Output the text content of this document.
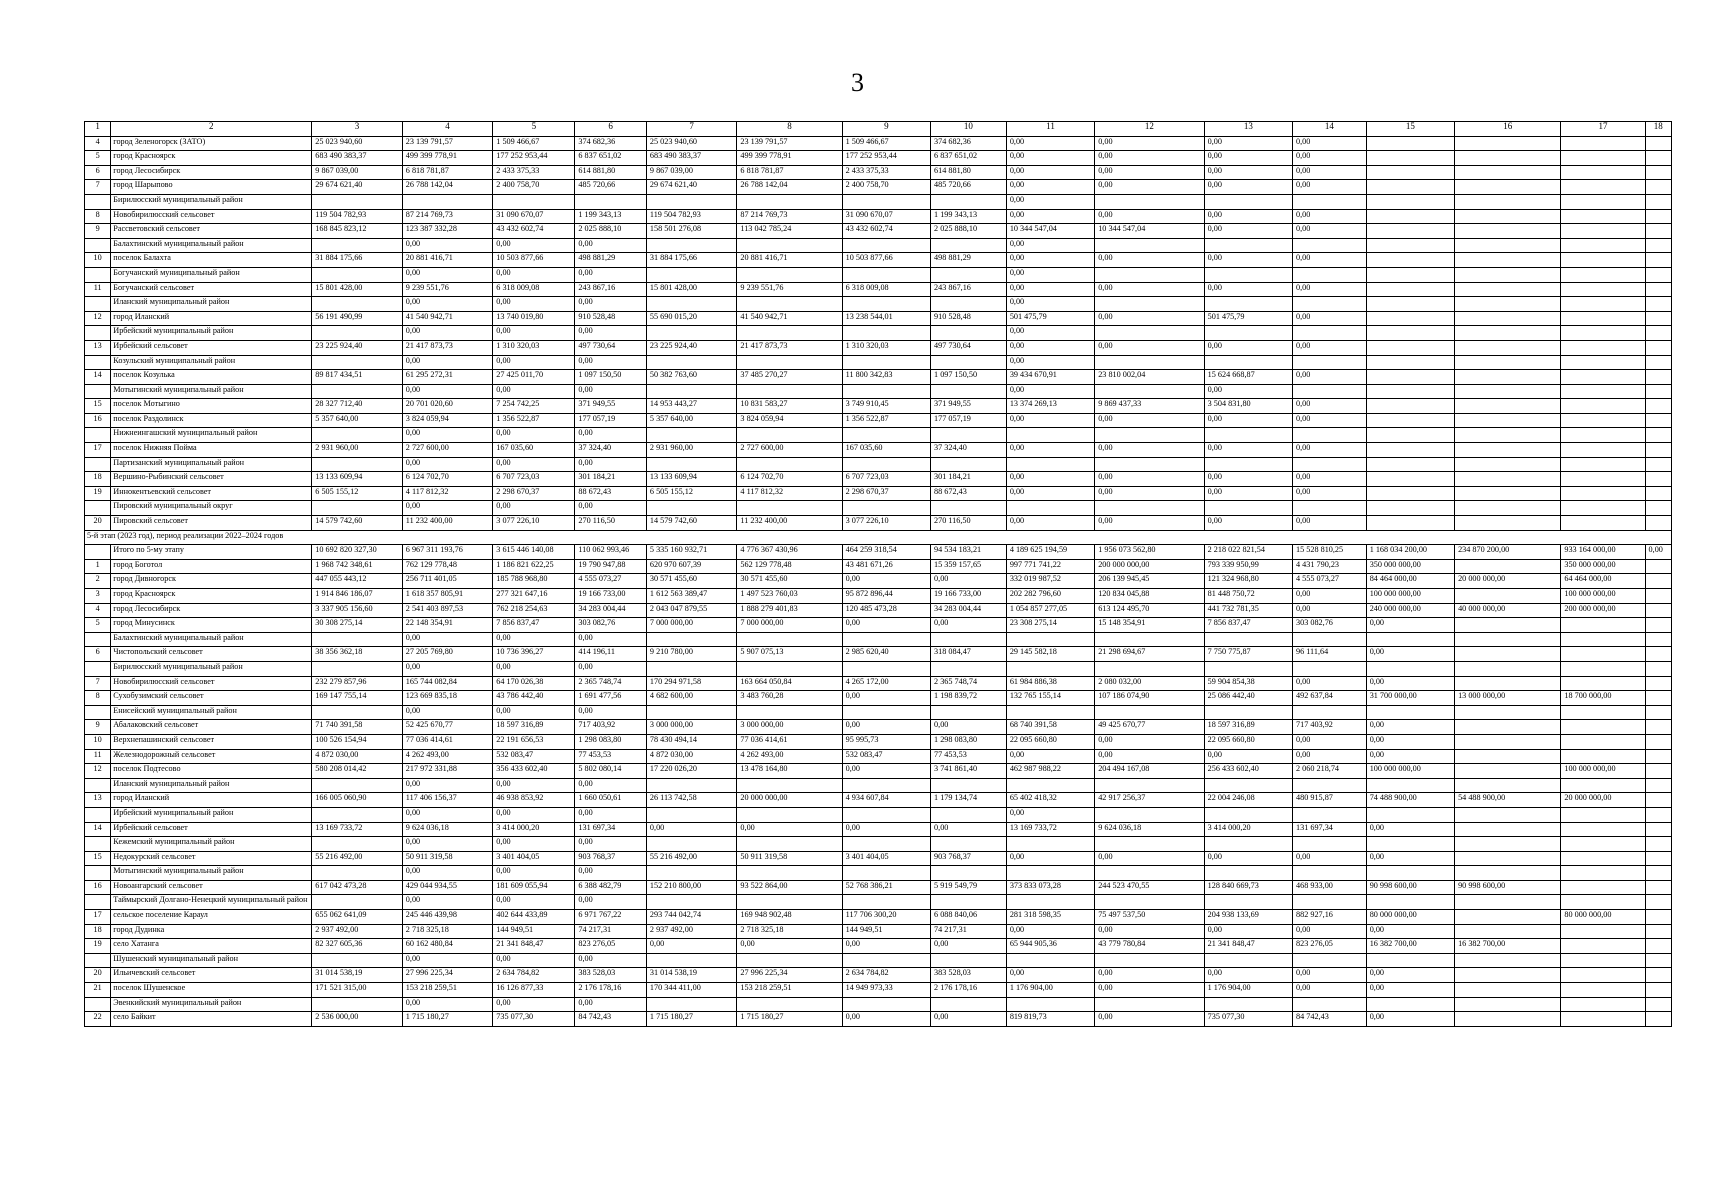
3
1	2	3	4	5	6	7	8	9	10	11	12	13	14	15	16	17	18
4	город Зеленогорск (ЗАТО)	25 023 940,60	23 139 791,57	1 509 466,67	374 682,36	25 023 940,60	23 139 791,57	1 509 466,67	374 682,36	0,00	0,00	0,00	0,00				
5	город Красноярск	683 490 383,37	499 399 778,91	177 252 953,44	6 837 651,02	683 490 383,37	499 399 778,91	177 252 953,44	6 837 651,02	0,00	0,00	0,00	0,00				
6	город Лесосибирск	9 867 039,00	6 818 781,87	2 433 375,33	614 881,80	9 867 039,00	6 818 781,87	2 433 375,33	614 881,80	0,00	0,00	0,00	0,00				
7	город Шарыпово	29 674 621,40	26 788 142,04	2 400 758,70	485 720,66	29 674 621,40	26 788 142,04	2 400 758,70	485 720,66	0,00	0,00	0,00	0,00				
	Бирилюсский муниципальный район									0,00							
8	Новобирилюсский сельсовет	119 504 782,93	87 214 769,73	31 090 670,07	1 199 343,13	119 504 782,93	87 214 769,73	31 090 670,07	1 199 343,13	0,00	0,00	0,00	0,00				
9	Рассветовский сельсовет	168 845 823,12	123 387 332,28	43 432 602,74	2 025 888,10	158 501 276,08	113 042 785,24	43 432 602,74	2 025 888,10	10 344 547,04	10 344 547,04	0,00	0,00				
	Балахтинский муниципальный район		0,00	0,00	0,00					0,00							
10	поселок Балахта	31 884 175,66	20 881 416,71	10 503 877,66	498 881,29	31 884 175,66	20 881 416,71	10 503 877,66	498 881,29	0,00	0,00	0,00	0,00				
	Богучанский муниципальный район		0,00	0,00	0,00					0,00							
11	Богучанский сельсовет	15 801 428,00	9 239 551,76	6 318 009,08	243 867,16	15 801 428,00	9 239 551,76	6 318 009,08	243 867,16	0,00	0,00	0,00	0,00				
	Иланский муниципальный район		0,00	0,00	0,00					0,00							
12	город Иланский	56 191 490,99	41 540 942,71	13 740 019,80	910 528,48	55 690 015,20	41 540 942,71	13 238 544,01	910 528,48	501 475,79	0,00	501 475,79	0,00				
	Ирбейский муниципальный район		0,00	0,00	0,00					0,00							
13	Ирбейский сельсовет	23 225 924,40	21 417 873,73	1 310 320,03	497 730,64	23 225 924,40	21 417 873,73	1 310 320,03	497 730,64	0,00	0,00	0,00	0,00				
	Козульский муниципальный район		0,00	0,00	0,00					0,00							
14	поселок Козулька	89 817 434,51	61 295 272,31	27 425 011,70	1 097 150,50	50 382 763,60	37 485 270,27	11 800 342,83	1 097 150,50	39 434 670,91	23 810 002,04	15 624 668,87	0,00				
	Мотыгинский муниципальный район		0,00	0,00	0,00					0,00		0,00					
15	поселок Мотыгино	28 327 712,40	20 701 020,60	7 254 742,25	371 949,55	14 953 443,27	10 831 583,27	3 749 910,45	371 949,55	13 374 269,13	9 869 437,33	3 504 831,80	0,00				
16	поселок Раздолинск	5 357 640,00	3 824 059,94	1 356 522,87	177 057,19	5 357 640,00	3 824 059,94	1 356 522,87	177 057,19	0,00	0,00	0,00	0,00				
	Нижнеингашский муниципальный район		0,00	0,00	0,00												
17	поселок Нижняя Пойма	2 931 960,00	2 727 600,00	167 035,60	37 324,40	2 931 960,00	2 727 600,00	167 035,60	37 324,40	0,00	0,00	0,00	0,00				
	Партизанский муниципальный район		0,00	0,00	0,00												
18	Вершино-Рыбинский сельсовет	13 133 609,94	6 124 702,70	6 707 723,03	301 184,21	13 133 609,94	6 124 702,70	6 707 723,03	301 184,21	0,00	0,00	0,00	0,00				
19	Иннокентьевский сельсовет	6 505 155,12	4 117 812,32	2 298 670,37	88 672,43	6 505 155,12	4 117 812,32	2 298 670,37	88 672,43	0,00	0,00	0,00	0,00				
	Пировский муниципальный округ		0,00	0,00	0,00												
20	Пировский сельсовет	14 579 742,60	11 232 400,00	3 077 226,10	270 116,50	14 579 742,60	11 232 400,00	3 077 226,10	270 116,50	0,00	0,00	0,00	0,00				
5-й этап (2023 год), период реализации 2022–2024 годов																	
	Итого по 5-му этапу	10 692 820 327,30	6 967 311 193,76	3 615 446 140,08	110 062 993,46	5 335 160 932,71	4 776 367 430,96	464 259 318,54	94 534 183,21	4 189 625 194,59	1 956 073 562,80	2 218 022 821,54	15 528 810,25	1 168 034 200,00	234 870 200,00	933 164 000,00	0,00
1	город Боготол	1 968 742 348,61	762 129 778,48	1 186 821 622,25	19 790 947,88	620 970 607,39	562 129 778,48	43 481 671,26	15 359 157,65	997 771 741,22	200 000 000,00	793 339 950,99	4 431 790,23	350 000 000,00		350 000 000,00	
2	город Дивногорск	447 055 443,12	256 711 401,05	185 788 968,80	4 555 073,27	30 571 455,60	30 571 455,60	0,00	0,00	332 019 987,52	206 139 945,45	121 324 968,80	4 555 073,27	84 464 000,00	20 000 000,00	64 464 000,00	
3	город Красноярск	1 914 846 186,07	1 618 357 805,91	277 321 647,16	19 166 733,00	1 612 563 389,47	1 497 523 760,03	95 872 896,44	19 166 733,00	202 282 796,60	120 834 045,88	81 448 750,72	0,00	100 000 000,00		100 000 000,00	
4	город Лесосибирск	3 337 905 156,60	2 541 403 897,53	762 218 254,63	34 283 004,44	2 043 047 879,55	1 888 279 401,83	120 485 473,28	34 283 004,44	1 054 857 277,05	613 124 495,70	441 732 781,35	0,00	240 000 000,00	40 000 000,00	200 000 000,00	
5	город Минусинск	30 308 275,14	22 148 354,91	7 856 837,47	303 082,76	7 000 000,00	7 000 000,00	0,00	0,00	23 308 275,14	15 148 354,91	7 856 837,47	303 082,76	0,00			
	Балахтинский муниципальный район		0,00	0,00	0,00												
6	Чистопольский сельсовет	38 356 362,18	27 205 769,80	10 736 396,27	414 196,11	9 210 780,00	5 907 075,13	2 985 620,40	318 084,47	29 145 582,18	21 298 694,67	7 750 775,87	96 111,64	0,00			
	Бирилюсский муниципальный район		0,00	0,00	0,00												
7	Новобирилюсский сельсовет	232 279 857,96	165 744 082,84	64 170 026,38	2 365 748,74	170 294 971,58	163 664 050,84	4 265 172,00	2 365 748,74	61 984 886,38	2 080 032,00	59 904 854,38	0,00	0,00			
8	Сухобузимский сельсовет	169 147 755,14	123 669 835,18	43 786 442,40	1 691 477,56	4 682 600,00	3 483 760,28	0,00	1 198 839,72	132 765 155,14	107 186 074,90	25 086 442,40	492 637,84	31 700 000,00	13 000 000,00	18 700 000,00	
	Енисейский муниципальный район		0,00	0,00	0,00												
9	Абалаковский сельсовет	71 740 391,58	52 425 670,77	18 597 316,89	717 403,92	3 000 000,00	3 000 000,00	0,00	0,00	68 740 391,58	49 425 670,77	18 597 316,89	717 403,92	0,00			
10	Верхнепашинский сельсовет	100 526 154,94	77 036 414,61	22 191 656,53	1 298 083,80	78 430 494,14	77 036 414,61	95 995,73	1 298 083,80	22 095 660,80	0,00	22 095 660,80	0,00	0,00			
11	Железнодорожный сельсовет	4 872 030,00	4 262 493,00	532 083,47	77 453,53	4 872 030,00	4 262 493,00	532 083,47	77 453,53	0,00	0,00	0,00	0,00	0,00			
12	поселок Подтесово	580 208 014,42	217 972 331,88	356 433 602,40	5 802 080,14	17 220 026,20	13 478 164,80	0,00	3 741 861,40	462 987 988,22	204 494 167,08	256 433 602,40	2 060 218,74	100 000 000,00		100 000 000,00	
	Иланский муниципальный район		0,00	0,00	0,00												
13	город Иланский	166 005 060,90	117 406 156,37	46 938 853,92	1 660 050,61	26 113 742,58	20 000 000,00	4 934 607,84	1 179 134,74	65 402 418,32	42 917 256,37	22 004 246,08	480 915,87	74 488 900,00	54 488 900,00	20 000 000,00	
	Ирбейский муниципальный район		0,00	0,00	0,00					0,00							
14	Ирбейский сельсовет	13 169 733,72	9 624 036,18	3 414 000,20	131 697,34	0,00	0,00	0,00	0,00	13 169 733,72	9 624 036,18	3 414 000,20	131 697,34	0,00			
	Кежемский муниципальный район		0,00	0,00	0,00												
15	Недокурский сельсовет	55 216 492,00	50 911 319,58	3 401 404,05	903 768,37	55 216 492,00	50 911 319,58	3 401 404,05	903 768,37	0,00	0,00	0,00	0,00	0,00			
	Мотыгинский муниципальный район		0,00	0,00	0,00												
16	Новоангарский сельсовет	617 042 473,28	429 044 934,55	181 609 055,94	6 388 482,79	152 210 800,00	93 522 864,00	52 768 386,21	5 919 549,79	373 833 073,28	244 523 470,55	128 840 669,73	468 933,00	90 998 600,00	90 998 600,00		
	Таймырский Долгано-Ненецкий муниципальный район		0,00	0,00	0,00												
17	сельское поселение Караул	655 062 641,09	245 446 439,98	402 644 433,89	6 971 767,22	293 744 042,74	169 948 902,48	117 706 300,20	6 088 840,06	281 318 598,35	75 497 537,50	204 938 133,69	882 927,16	80 000 000,00		80 000 000,00	
18	город Дудинка	2 937 492,00	2 718 325,18	144 949,51	74 217,31	2 937 492,00	2 718 325,18	144 949,51	74 217,31	0,00	0,00	0,00	0,00	0,00			
19	село Хатанга	82 327 605,36	60 162 480,84	21 341 848,47	823 276,05	0,00	0,00	0,00	0,00	65 944 905,36	43 779 780,84	21 341 848,47	823 276,05	16 382 700,00	16 382 700,00		
	Шушенский муниципальный район		0,00	0,00	0,00												
20	Ильичевский сельсовет	31 014 538,19	27 996 225,34	2 634 784,82	383 528,03	31 014 538,19	27 996 225,34	2 634 784,82	383 528,03	0,00	0,00	0,00	0,00	0,00			
21	поселок Шушенское	171 521 315,00	153 218 259,51	16 126 877,33	2 176 178,16	170 344 411,00	153 218 259,51	14 949 973,33	2 176 178,16	1 176 904,00	0,00	1 176 904,00	0,00	0,00			
	Эвенкийский муниципальный район		0,00	0,00	0,00												
22	село Байкит	2 536 000,00	1 715 180,27	735 077,30	84 742,43	1 715 180,27	1 715 180,27	0,00	0,00	819 819,73	0,00	735 077,30	84 742,43	0,00			
